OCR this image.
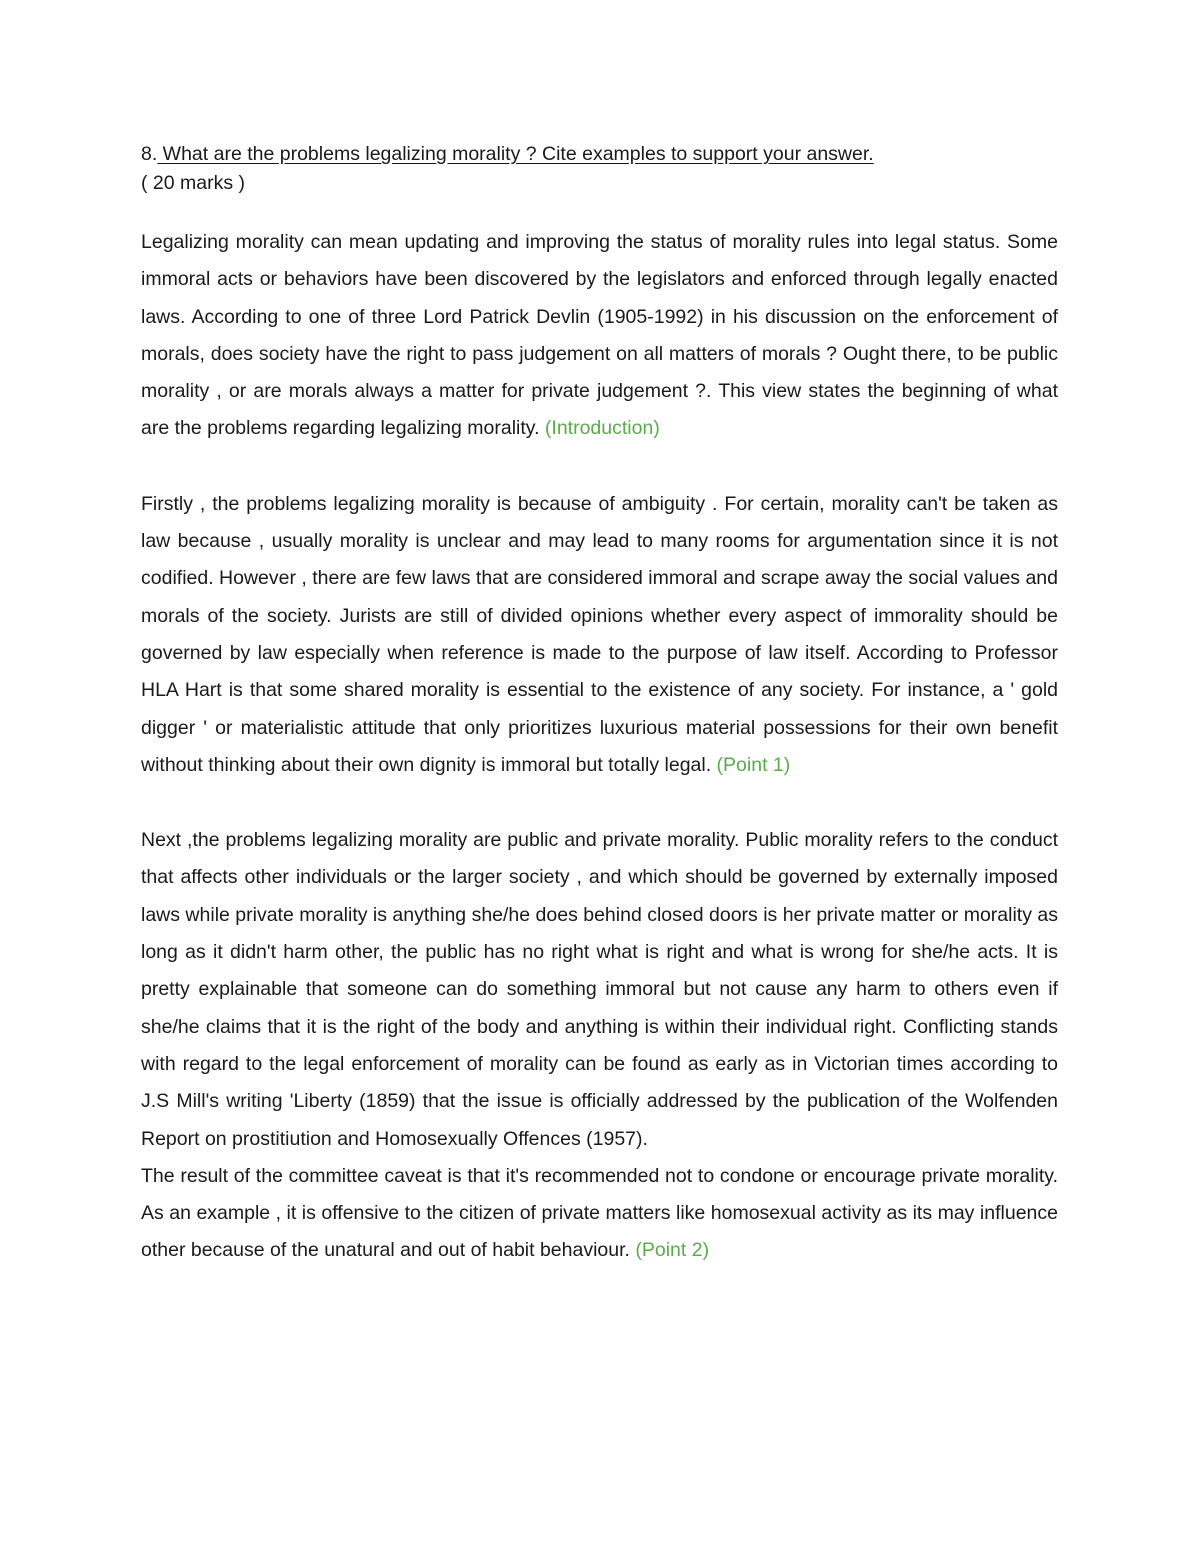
8. What are the problems legalizing morality ? Cite examples to support your answer.

( 20 marks )

Legalizing morality can mean updating and improving the status of morality rules into legal status. Some immoral acts or behaviors have been discovered by the legislators and enforced through legally enacted laws. According to one of three Lord Patrick Devlin (1905-1992) in his discussion on the enforcement of morals, does society have the right to pass judgement on all matters of morals ? Ought there, to be public morality , or are morals always a matter for private judgement ?. This view states the beginning of what are the problems regarding legalizing morality. (Introduction)

Firstly , the problems legalizing morality is because of ambiguity . For certain, morality can't be taken as law because , usually morality is unclear and may lead to many rooms for argumentation since it is not codified. However , there are few laws that are considered immoral and scrape away the social values and morals of the society. Jurists are still of divided opinions whether every aspect of immorality should be governed by law especially when reference is made to the purpose of law itself. According to Professor HLA Hart is that some shared morality is essential to the existence of any society. For instance, a ' gold digger ' or materialistic attitude that only prioritizes luxurious material possessions for their own benefit without thinking about their own dignity is immoral but totally legal. (Point 1)

Next ,the problems legalizing morality are public and private morality. Public morality refers to the conduct that affects other individuals or the larger society , and which should be governed by externally imposed laws while private morality is anything she/he does behind closed doors is her private matter or morality as long as it didn't harm other, the public has no right what is right and what is wrong for she/he acts. It is pretty explainable that someone can do something immoral but not cause any harm to others even if she/he claims that it is the right of the body and anything is within their individual right. Conflicting stands with regard to the legal enforcement of morality can be found as early as in Victorian times according to J.S Mill's writing 'Liberty (1859) that the issue is officially addressed by the publication of the Wolfenden Report on prostitiution and Homosexually Offences (1957).

The result of the committee caveat is that it's recommended not to condone or encourage private morality. As an example , it is offensive to the citizen of private matters like homosexual activity as its may influence other because of the unatural and out of habit behaviour. (Point 2)
